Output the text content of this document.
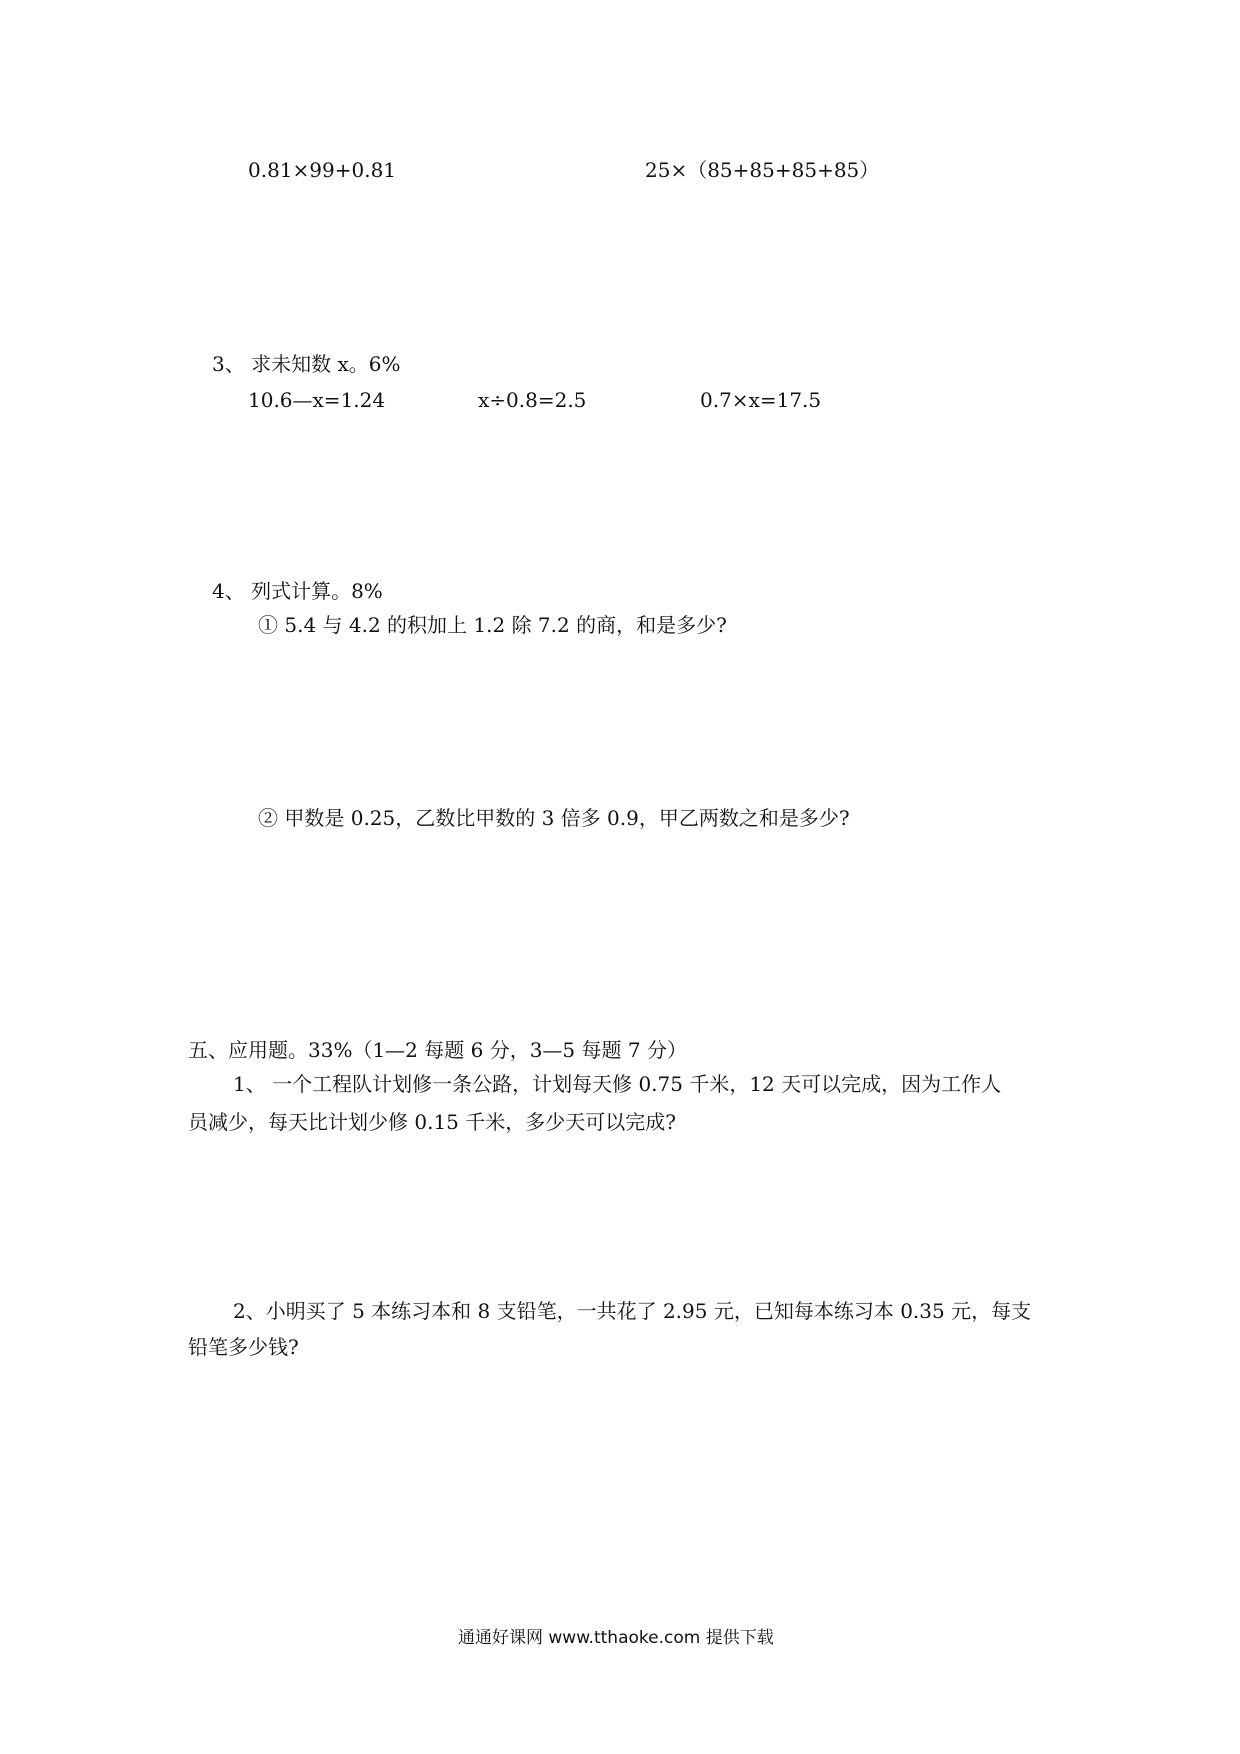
0.81×99+0.81	25×（85+85+85+85）
3、 求未知数 x。6%
10.6—x=1.24	x÷0.8=2.5	0.7×x=17.5
4、 列式计算。8%
① 5.4 与 4.2 的积加上 1.2 除 7.2 的商，和是多少?
② 甲数是 0.25，乙数比甲数的 3 倍多 0.9，甲乙两数之和是多少?
五、应用题。33%（1—2 每题 6 分，3—5 每题 7 分）
1、 一个工程队计划修一条公路，计划每天修 0.75 千米，12 天可以完成，因为工作人
员减少，每天比计划少修 0.15 千米，多少天可以完成?
2、小明买了 5 本练习本和 8 支铅笔，一共花了 2.95 元，已知每本练习本 0.35 元，每支
铅笔多少钱?
通通好课网 www.tthaoke.com 提供下载
